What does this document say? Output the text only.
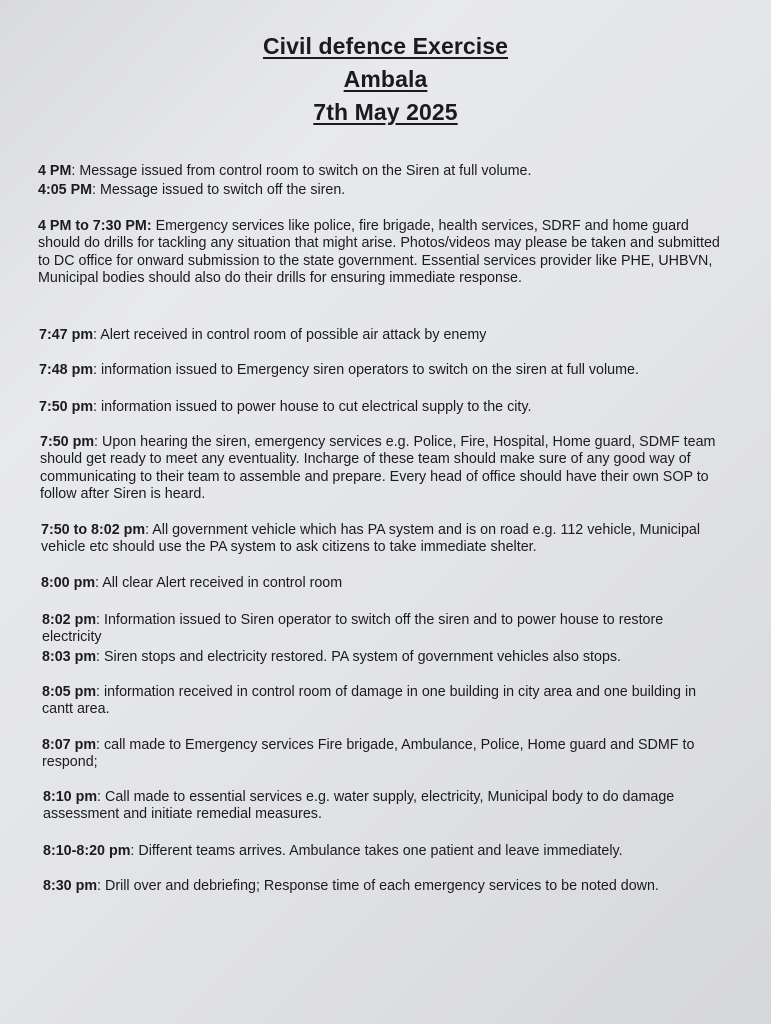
Civil defence Exercise
Ambala
7th May 2025
4 PM: Message issued from control room to switch on the Siren at full volume.
4:05 PM: Message issued to switch off the siren.
4 PM to 7:30 PM: Emergency services like police, fire brigade, health services, SDRF and home guard should do drills for tackling any situation that might arise. Photos/videos may please be taken and submitted to DC office for onward submission to the state government. Essential services provider like PHE, UHBVN, Municipal bodies should also do their drills for ensuring immediate response.
7:47 pm: Alert received in control room of possible air attack by enemy
7:48 pm: information issued to Emergency siren operators to switch on the siren at full volume.
7:50 pm: information issued to power house to cut electrical supply to the city.
7:50 pm: Upon hearing the siren, emergency services e.g. Police, Fire, Hospital, Home guard, SDMF team should get ready to meet any eventuality. Incharge of these team should make sure of any good way of communicating to their team to assemble and prepare. Every head of office should have their own SOP to follow after Siren is heard.
7:50 to 8:02 pm: All government vehicle which has PA system and is on road e.g. 112 vehicle, Municipal vehicle etc should use the PA system to ask citizens to take immediate shelter.
8:00 pm: All clear Alert received in control room
8:02 pm: Information issued to Siren operator to switch off the siren and to power house to restore electricity
8:03 pm: Siren stops and electricity restored. PA system of government vehicles also stops.
8:05 pm: information received in control room of damage in one building in city area and one building in cantt area.
8:07 pm: call made to Emergency services Fire brigade, Ambulance, Police, Home guard and SDMF to respond;
8:10 pm: Call made to essential services e.g. water supply, electricity, Municipal body to do damage assessment and initiate remedial measures.
8:10-8:20 pm: Different teams arrives. Ambulance takes one patient and leave immediately.
8:30 pm: Drill over and debriefing; Response time of each emergency services to be noted down.
